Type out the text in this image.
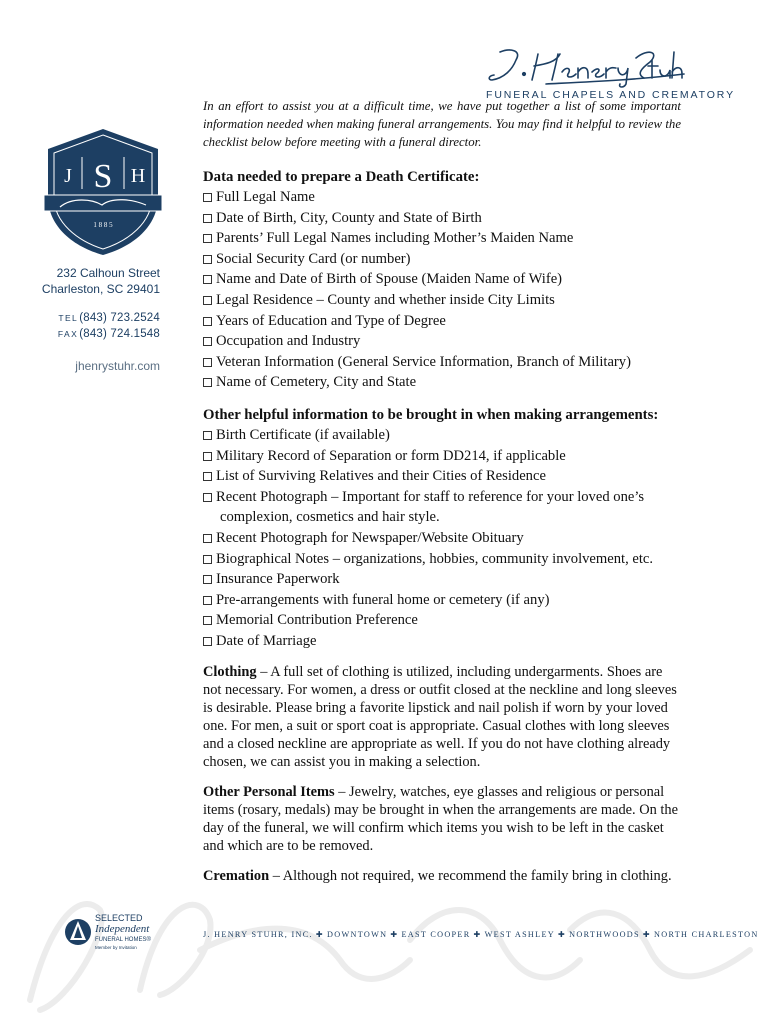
FUNERAL CHAPELS AND CREMATORY
J S H
1 8 8 5
232 Calhoun Street
Charleston, SC 29401
TEL(843) 723.2524
FAX(843) 724.1548
jhenrystuhr.com

In an effort to assist you at a difficult time, we have put together a list of some important information needed when making funeral arrangements. You may find it helpful to review the checklist below before meeting with a funeral director.

Data needed to prepare a Death Certificate:
Full Legal Name
Date of Birth, City, County and State of Birth
Parents’ Full Legal Names including Mother’s Maiden Name
Social Security Card (or number)
Name and Date of Birth of Spouse (Maiden Name of Wife)
Legal Residence – County and whether inside City Limits
Years of Education and Type of Degree
Occupation and Industry
Veteran Information (General Service Information, Branch of Military)
Name of Cemetery, City and State
Other helpful information to be brought in when making arrangements:
Birth Certificate (if available)
Military Record of Separation or form DD214, if applicable
List of Surviving Relatives and their Cities of Residence
Recent Photograph – Important for staff to reference for your loved one’s
complexion, cosmetics and hair style.
Recent Photograph for Newspaper/Website Obituary
Biographical Notes – organizations, hobbies, community involvement, etc.
Insurance Paperwork
Pre-arrangements with funeral home or cemetery (if any)
Memorial Contribution Preference
Date of Marriage

Clothing – A full set of clothing is utilized, including undergarments. Shoes are not necessary. For women, a dress or outfit closed at the neckline and long sleeves is desirable. Please bring a favorite lipstick and nail polish if worn by your loved one. For men, a suit or sport coat is appropriate. Casual clothes with long sleeves and a closed neckline are appropriate as well. If you do not have clothing already chosen, we can assist you in making a selection.

Other Personal Items – Jewelry, watches, eye glasses and religious or personal items (rosary, medals) may be brought in when the arrangements are made. On the day of the funeral, we will confirm which items you wish to be left in the casket and which are to be removed.

Cremation – Although not required, we recommend the family bring in clothing.

SELECTED
Independent
FUNERAL HOMES®
Member by Invitation
J. HENRY STUHR, INC. ✚ DOWNTOWN ✚ EAST COOPER ✚ WEST ASHLEY ✚ NORTHWOODS ✚ NORTH CHARLESTON
